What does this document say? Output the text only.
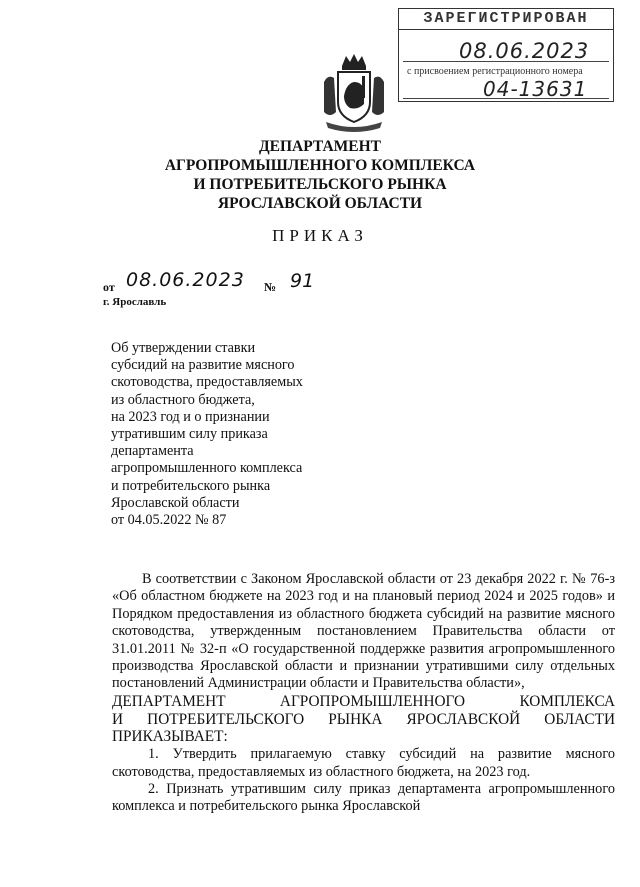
ЗАРЕГИСТРИРОВАН
08.06.2023
с присвоением регистрационного номера
04-13631
ДЕПАРТАМЕНТ
АГРОПРОМЫШЛЕННОГО КОМПЛЕКСА
И ПОТРЕБИТЕЛЬСКОГО РЫНКА
ЯРОСЛАВСКОЙ ОБЛАСТИ
ПРИКАЗ
от 08.06.2023 № 91
г. Ярославль
Об утверждении ставки
субсидий на развитие мясного
скотоводства, предоставляемых
из областного бюджета,
на 2023 год и о признании
утратившим силу приказа
департамента
агропромышленного комплекса
и потребительского рынка
Ярославской области
от 04.05.2022 № 87

В соответствии с Законом Ярославской области от 23 декабря 2022 г. № 76-з «Об областном бюджете на 2023 год и на плановый период 2024 и 2025 годов» и Порядком предоставления из областного бюджета субсидий на развитие мясного скотоводства, утвержденным постановлением Правительства области от 31.01.2011 № 32-п «О государственной поддержке развития агропромышленного производства Ярославской области и признании утратившими силу отдельных постановлений Администрации области и Правительства области»,

ДЕПАРТАМЕНТ АГРОПРОМЫШЛЕННОГО КОМПЛЕКСА
И ПОТРЕБИТЕЛЬСКОГО РЫНКА ЯРОСЛАВСКОЙ ОБЛАСТИ
ПРИКАЗЫВАЕТ:

1. Утвердить прилагаемую ставку субсидий на развитие мясного скотоводства, предоставляемых из областного бюджета, на 2023 год.

2. Признать утратившим силу приказ департамента агропромышленного комплекса и потребительского рынка Ярославской
